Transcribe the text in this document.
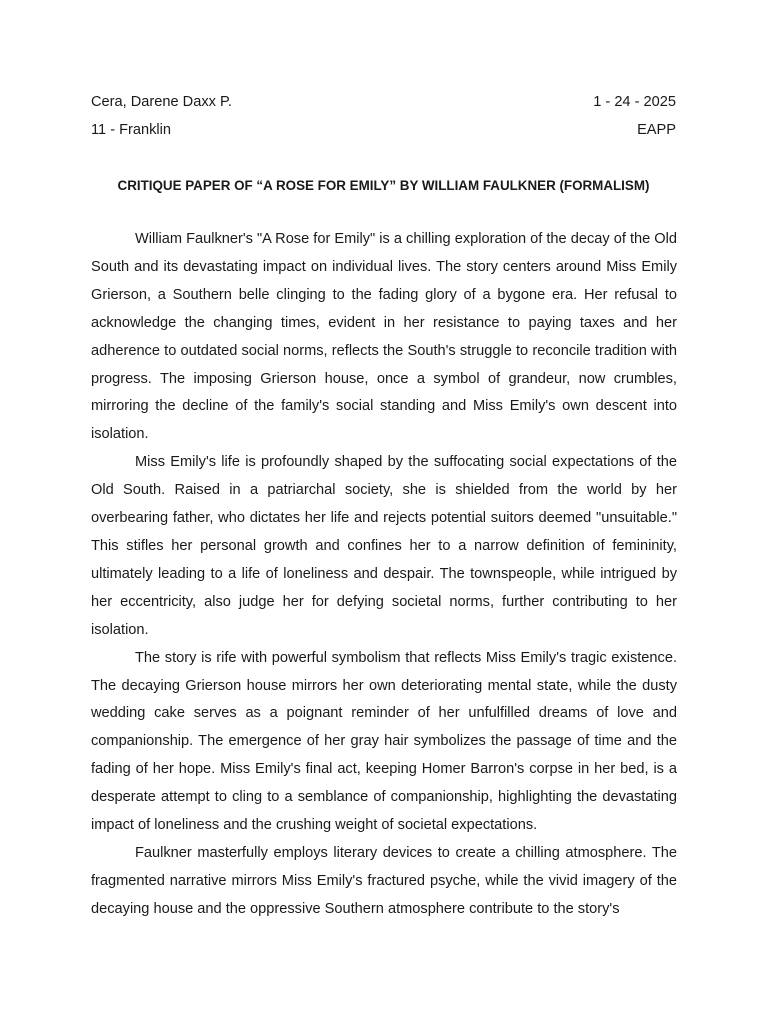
Cera, Darene Daxx P.	1 - 24 - 2025
11 - Franklin	EAPP
CRITIQUE PAPER OF “A ROSE FOR EMILY” BY WILLIAM FAULKNER (FORMALISM)

William Faulkner's "A Rose for Emily" is a chilling exploration of the decay of the Old South and its devastating impact on individual lives. The story centers around Miss Emily Grierson, a Southern belle clinging to the fading glory of a bygone era. Her refusal to acknowledge the changing times, evident in her resistance to paying taxes and her adherence to outdated social norms, reflects the South's struggle to reconcile tradition with progress. The imposing Grierson house, once a symbol of grandeur, now crumbles, mirroring the decline of the family's social standing and Miss Emily's own descent into isolation.

Miss Emily's life is profoundly shaped by the suffocating social expectations of the Old South. Raised in a patriarchal society, she is shielded from the world by her overbearing father, who dictates her life and rejects potential suitors deemed "unsuitable." This stifles her personal growth and confines her to a narrow definition of femininity, ultimately leading to a life of loneliness and despair. The townspeople, while intrigued by her eccentricity, also judge her for defying societal norms, further contributing to her isolation.

The story is rife with powerful symbolism that reflects Miss Emily's tragic existence. The decaying Grierson house mirrors her own deteriorating mental state, while the dusty wedding cake serves as a poignant reminder of her unfulfilled dreams of love and companionship. The emergence of her gray hair symbolizes the passage of time and the fading of her hope. Miss Emily's final act, keeping Homer Barron's corpse in her bed, is a desperate attempt to cling to a semblance of companionship, highlighting the devastating impact of loneliness and the crushing weight of societal expectations.

Faulkner masterfully employs literary devices to create a chilling atmosphere. The fragmented narrative mirrors Miss Emily's fractured psyche, while the vivid imagery of the decaying house and the oppressive Southern atmosphere contribute to the story's
